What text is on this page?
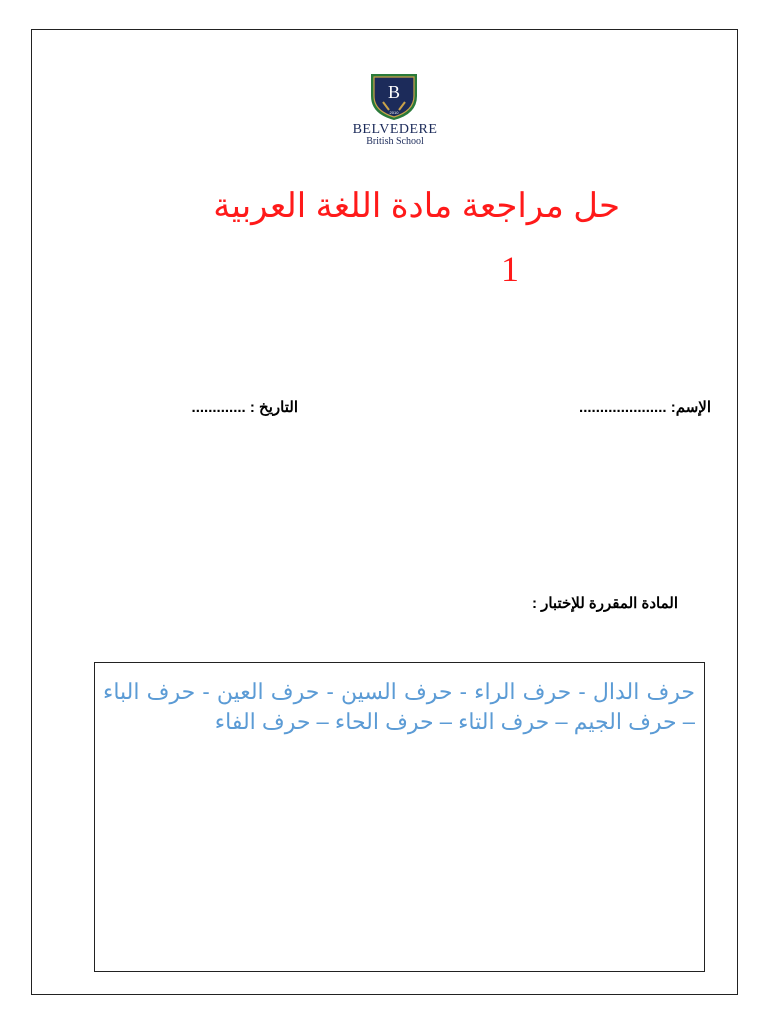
B
2010
BELVEDERE
British School
حل مراجعة مادة اللغة العربية
1
الإسم: .....................
التاريخ : .............
المادة المقررة للإختبار :
حرف الدال - حرف الراء - حرف السين - حرف العين - حرف الباء – حرف الجيم – حرف التاء – حرف الحاء – حرف الفاء
